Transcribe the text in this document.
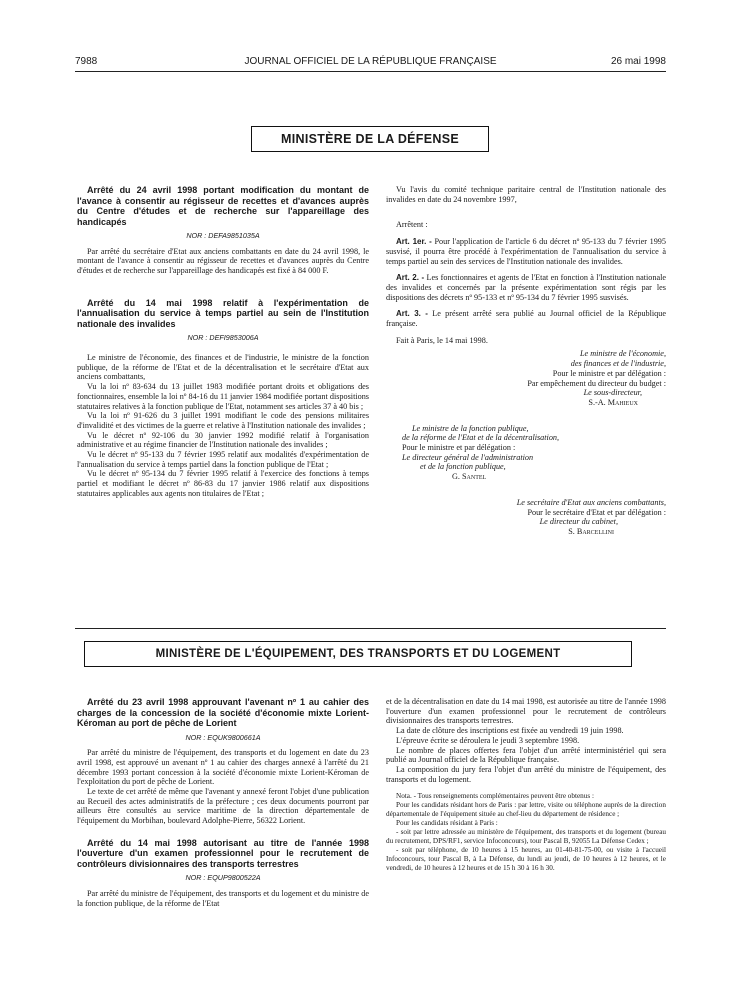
7988	JOURNAL OFFICIEL DE LA RÉPUBLIQUE FRANÇAISE	26 mai 1998
MINISTÈRE DE LA DÉFENSE

Arrêté du 24 avril 1998 portant modification du montant de l'avance à consentir au régisseur de recettes et d'avances auprès du Centre d'études et de recherche sur l'appareillage des handicapés

NOR : DEFA9851035A

Par arrêté du secrétaire d'Etat aux anciens combattants en date du 24 avril 1998, le montant de l'avance à consentir au régisseur de recettes et d'avances auprès du Centre d'études et de recherche sur l'appareillage des handicapés est fixé à 84 000 F.

Arrêté du 14 mai 1998 relatif à l'expérimentation de l'annualisation du service à temps partiel au sein de l'Institution nationale des invalides

NOR : DEFI9853006A

Le ministre de l'économie, des finances et de l'industrie, le ministre de la fonction publique, de la réforme de l'Etat et de la décentralisation et le secrétaire d'Etat aux anciens combattants,

Vu la loi nº 83-634 du 13 juillet 1983 modifiée portant droits et obligations des fonctionnaires, ensemble la loi nº 84-16 du 11 janvier 1984 modifiée portant dispositions statutaires relatives à la fonction publique de l'Etat, notamment ses articles 37 à 40 bis ;

Vu la loi nº 91-626 du 3 juillet 1991 modifiant le code des pensions militaires d'invalidité et des victimes de la guerre et relative à l'Institution nationale des invalides ;

Vu le décret nº 92-106 du 30 janvier 1992 modifié relatif à l'organisation administrative et au régime financier de l'Institution nationale des invalides ;

Vu le décret nº 95-133 du 7 février 1995 relatif aux modalités d'expérimentation de l'annualisation du service à temps partiel dans la fonction publique de l'Etat ;

Vu le décret nº 95-134 du 7 février 1995 relatif à l'exercice des fonctions à temps partiel et modifiant le décret nº 86-83 du 17 janvier 1986 relatif aux dispositions statutaires applicables aux agents non titulaires de l'Etat ;

Vu l'avis du comité technique paritaire central de l'Institution nationale des invalides en date du 24 novembre 1997,

Arrêtent :

Art. 1er. - Pour l'application de l'article 6 du décret nº 95-133 du 7 février 1995 susvisé, il pourra être procédé à l'expérimentation de l'annualisation du service à temps partiel au sein des services de l'Institution nationale des invalides.

Art. 2. - Les fonctionnaires et agents de l'Etat en fonction à l'Institution nationale des invalides et concernés par la présente expérimentation sont régis par les dispositions des décrets nº 95-133 et nº 95-134 du 7 février 1995 susvisés.

Art. 3. - Le présent arrêté sera publié au Journal officiel de la République française.

Fait à Paris, le 14 mai 1998.

Le ministre de l'économie,
des finances et de l'industrie,
Pour le ministre et par délégation :
Par empêchement du directeur du budget :
Le sous-directeur,
S.-A. Mahieux
Le ministre de la fonction publique,
de la réforme de l'Etat et de la décentralisation,
Pour le ministre et par délégation :
Le directeur général de l'administration
et de la fonction publique,
G. Santel
Le secrétaire d'Etat aux anciens combattants,
Pour le secrétaire d'Etat et par délégation :
Le directeur du cabinet,
S. Barcellini
MINISTÈRE DE L'ÉQUIPEMENT, DES TRANSPORTS ET DU LOGEMENT

Arrêté du 23 avril 1998 approuvant l'avenant nº 1 au cahier des charges de la concession de la société d'économie mixte Lorient-Kéroman au port de pêche de Lorient

NOR : EQUK9800661A

Par arrêté du ministre de l'équipement, des transports et du logement en date du 23 avril 1998, est approuvé un avenant nº 1 au cahier des charges annexé à l'arrêté du 21 décembre 1993 portant concession à la société d'économie mixte Lorient-Kéroman de l'exploitation du port de pêche de Lorient.

Le texte de cet arrêté de même que l'avenant y annexé feront l'objet d'une publication au Recueil des actes administratifs de la préfecture ; ces deux documents pourront par ailleurs être consultés au service maritime de la direction départementale de l'équipement du Morbihan, boulevard Adolphe-Pierre, 56322 Lorient.

Arrêté du 14 mai 1998 autorisant au titre de l'année 1998 l'ouverture d'un examen professionnel pour le recrutement de contrôleurs divisionnaires des transports terrestres

NOR : EQUP9800522A

Par arrêté du ministre de l'équipement, des transports et du logement et du ministre de la fonction publique, de la réforme de l'Etat

et de la décentralisation en date du 14 mai 1998, est autorisée au titre de l'année 1998 l'ouverture d'un examen professionnel pour le recrutement de contrôleurs divisionnaires des transports terrestres.

La date de clôture des inscriptions est fixée au vendredi 19 juin 1998.

L'épreuve écrite se déroulera le jeudi 3 septembre 1998.

Le nombre de places offertes fera l'objet d'un arrêté interministériel qui sera publié au Journal officiel de la République française.

La composition du jury fera l'objet d'un arrêté du ministre de l'équipement, des transports et du logement.

Nota. - Tous renseignements complémentaires peuvent être obtenus :

Pour les candidats résidant hors de Paris : par lettre, visite ou téléphone auprès de la direction départementale de l'équipement située au chef-lieu du département de résidence ;

Pour les candidats résidant à Paris :

- soit par lettre adressée au ministère de l'équipement, des transports et du logement (bureau du recrutement, DPS/RF1, service Infoconcours), tour Pascal B, 92055 La Défense Cedex ;

- soit par téléphone, de 10 heures à 15 heures, au 01-40-81-75-00, ou visite à l'accueil Infoconcours, tour Pascal B, à La Défense, du lundi au jeudi, de 10 heures à 12 heures, et le vendredi, de 10 heures à 12 heures et de 15 h 30 à 16 h 30.
